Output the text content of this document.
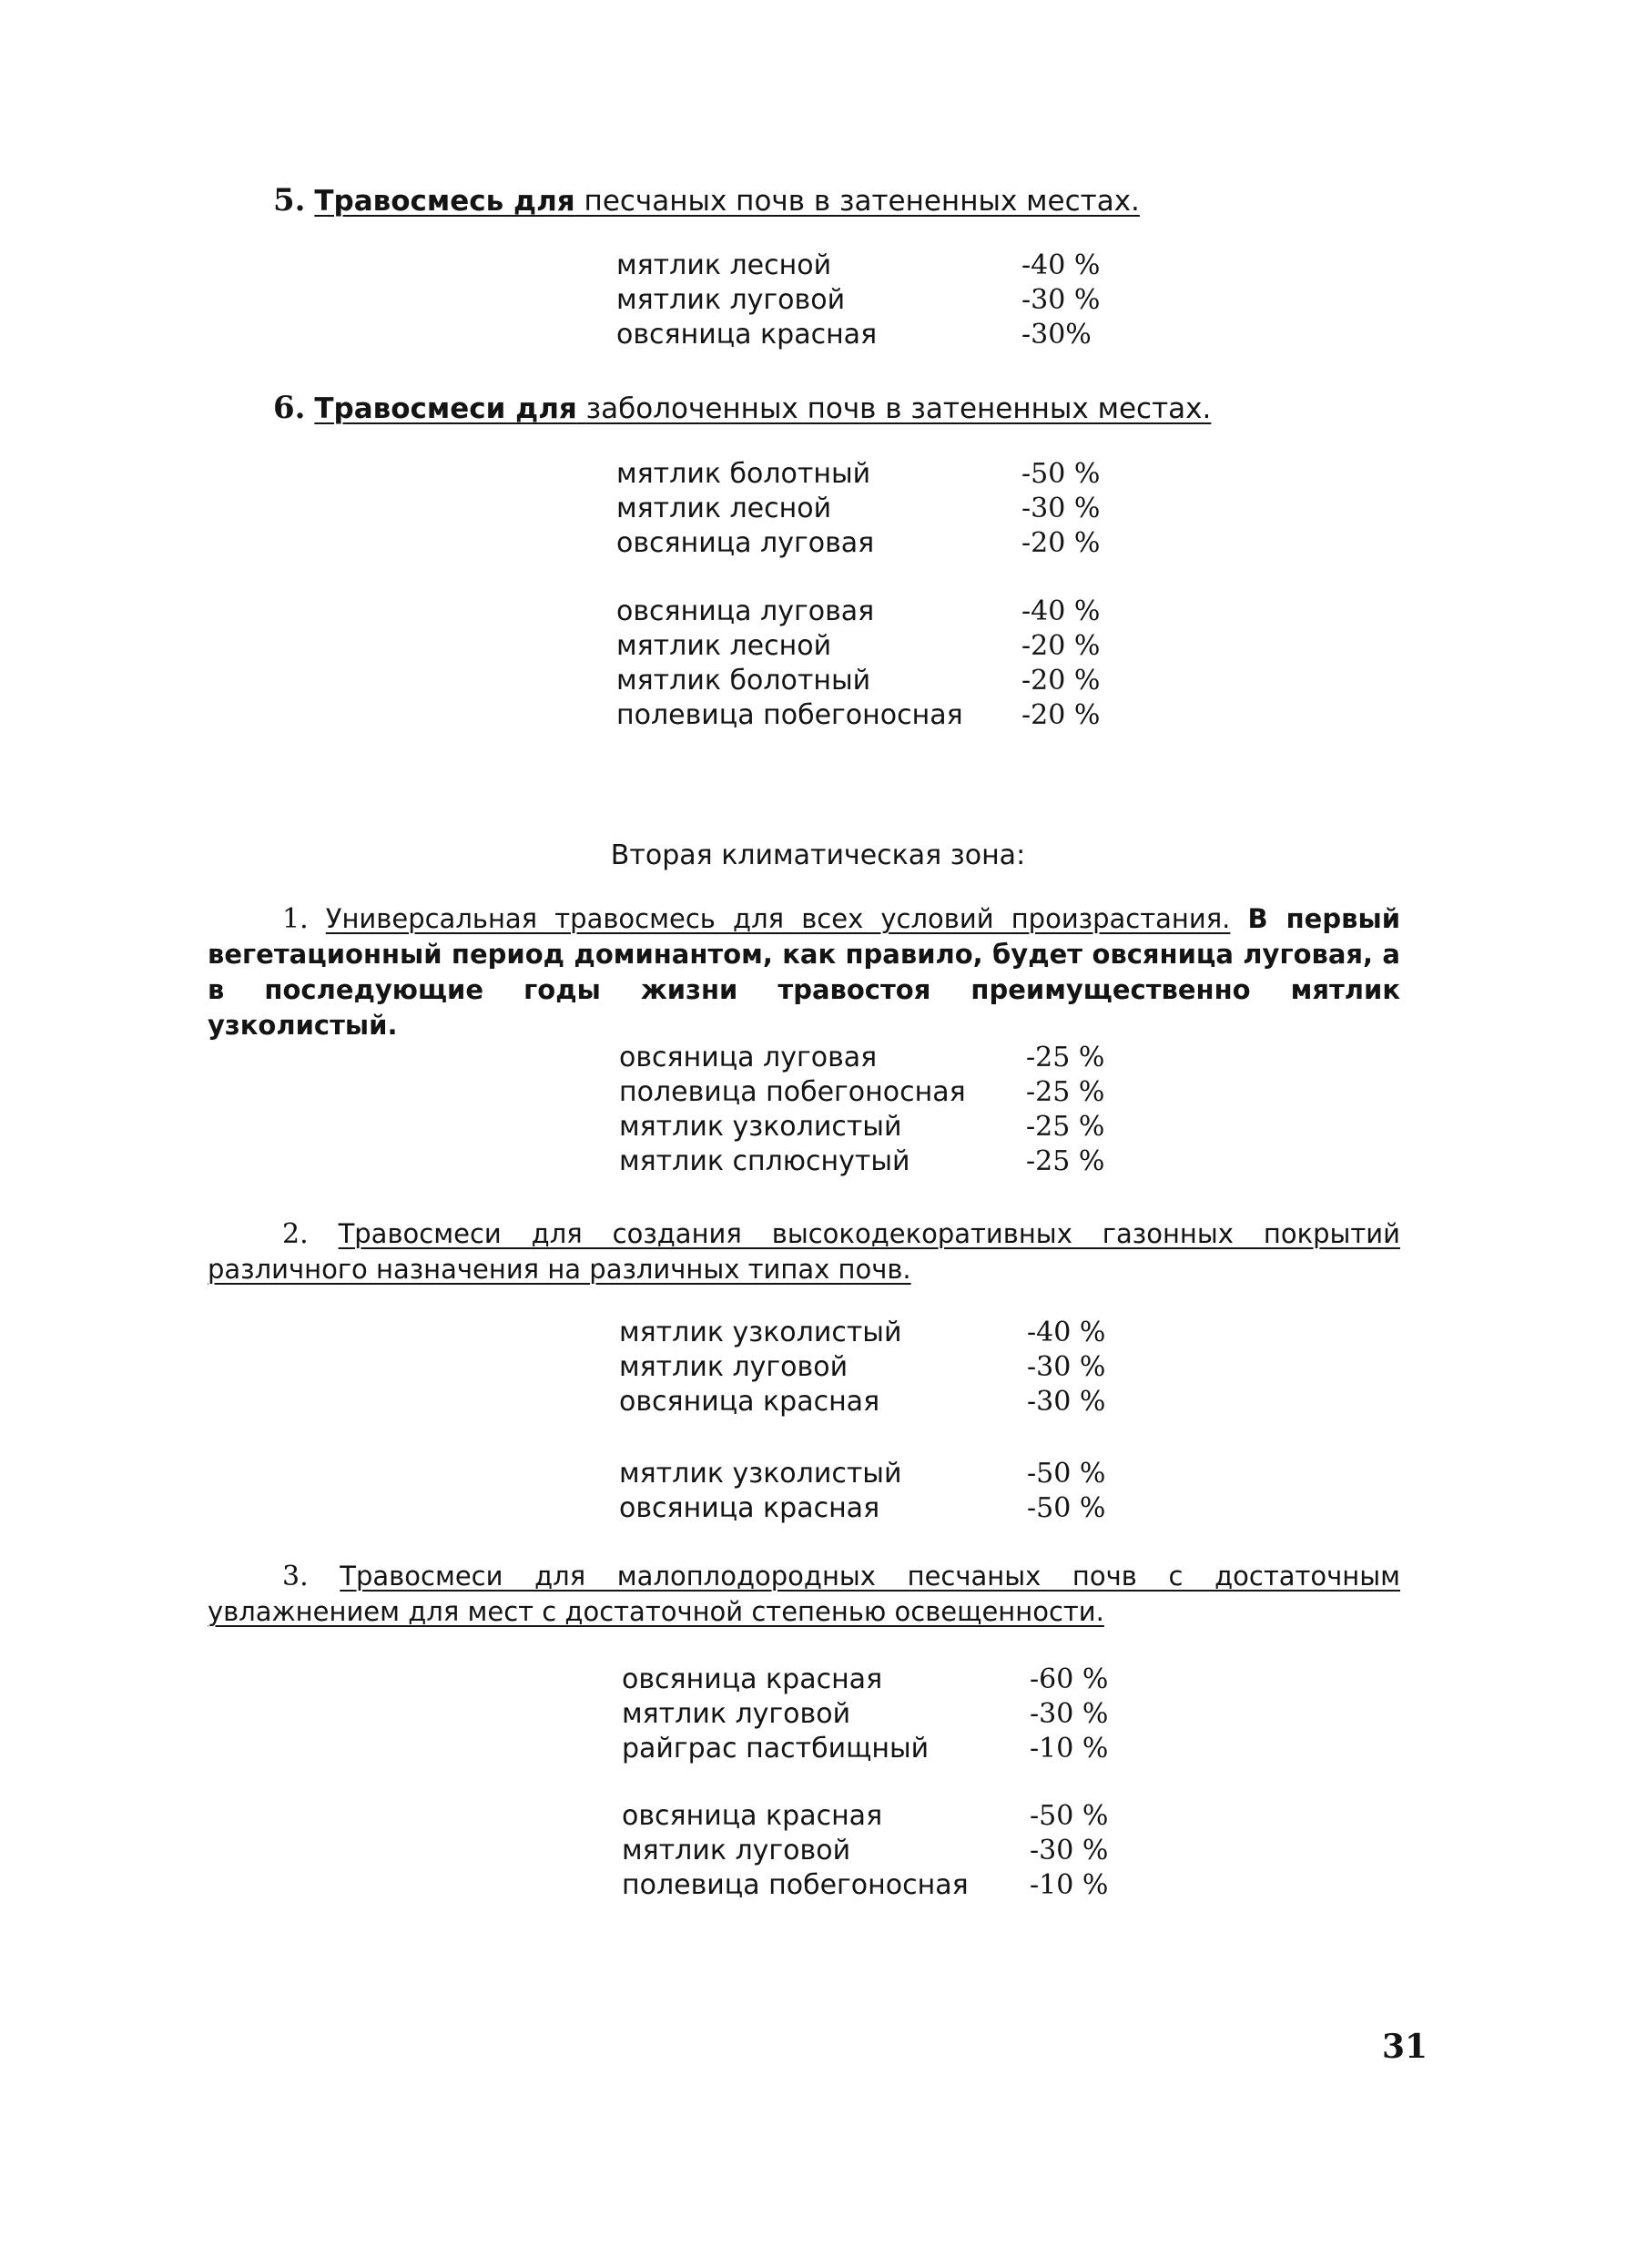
5. Травосмесь для песчаных почв в затененных местах.
мятлик лесной	-40 %
мятлик луговой	-30 %
овсяница красная	-30%
6. Травосмеси для заболоченных почв в затененных местах.
мятлик болотный	-50 %
мятлик лесной	-30 %
овсяница луговая	-20 %
овсяница луговая	-40 %
мятлик лесной	-20 %
мятлик болотный	-20 %
полевица побегоносная -20 %
Вторая климатическая зона:

1. Универсальная травосмесь для всех условий произрастания. В первый вегетационный период доминантом, как правило, будет овсяница луговая, а в последующие годы жизни травостоя преимущественно мятлик узколистый.

овсяница луговая	-25 %
полевица побегоносная -25 %
мятлик узколистый	-25 %
мятлик сплюснутый	-25 %

2. Травосмеси для создания высокодекоративных газонных покрытий различного назначения на различных типах почв.

мятлик узколистый	-40 %
мятлик луговой	-30 %
овсяница красная	-30 %
мятлик узколистый	-50 %
овсяница красная	-50 %

3. Травосмеси для малоплодородных песчаных почв с достаточным увлажнением для мест с достаточной степенью освещенности.

овсяница красная	-60 %
мятлик луговой	-30 %
райграс пастбищный	-10 %
овсяница красная	-50 %
мятлик луговой	-30 %
полевица побегоносная -10 %
31
